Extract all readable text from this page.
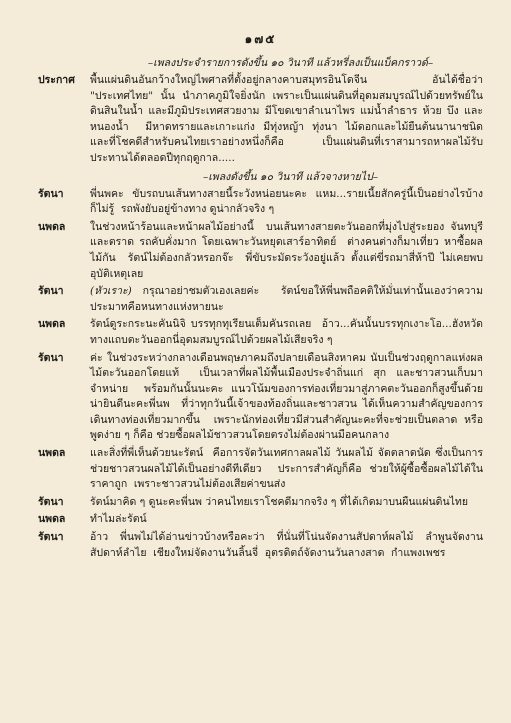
๑๗๕
–เพลงประจำรายการดังขึ้น ๑๐ วินาที แล้วหรี่ลงเป็นแบ็คกราวด์–
ประกาศ	พื้นแผ่นดินอันกว้างใหญ่ไพศาลที่ตั้งอยู่กลางคาบสมุทรอินโดจีน  อันได้ชื่อว่า "ประเทศไทย" นั้น นำภาคภูมิใจยิ่งนัก เพราะเป็นแผ่นดินที่อุดมสมบูรณ์ไปด้วยทรัพย์ในดินสินในน้ำ และมีภูมิประเทศสวยงาม มีโขดเขาลำเนาไพร แม่น้ำลำธาร ห้วย บึง และหนองน้ำ  มีหาดทรายและเกาะแก่ง มีทุ่งหญ้า ทุ่งนา ไม้ดอกและไม้ยืนต้นนานาชนิด  และที่โชคดีสำหรับคนไทยเราอย่างหนึ่งก็คือ เป็นแผ่นดินที่เราสามารถหาผลไม้รับประทานได้ตลอดปีทุกฤดูกาล.....
–เพลงดังขึ้น ๑๐ วินาที แล้วจางหายไป–
รัตนา	พี่นพคะ  ขับรถบนเส้นทางสายนี้ระวังหน่อยนะคะ  แหม...รายเนี้ยสักครู่นี้เป็นอย่างไรบ้างก็ไม่รู้  รถพังยับอยู่ข้างทาง ดูน่ากลัวจริง ๆ
นพดล	ในช่วงหน้าร้อนและหน้าผลไม้อย่างนี้  บนเส้นทางสายตะวันออกที่มุ่งไปสู่ระยอง จันทบุรี และตราด รถคับคั่งมาก โดยเฉพาะวันหยุดเสาร์อาทิตย์  ต่างคนต่างก็มาเที่ยว หาซื้อผลไม้กัน  รัตน์ไม่ต้องกลัวหรอกจ๊ะ  พี่ขับระมัดระวังอยู่แล้ว ตั้งแต่ขี่รถมาสี่ห้าปี ไม่เคยพบอุบัติเหตุเลย
รัตนา	(หัวเราะ) กรุณาอย่าชมตัวเองเลยค่ะ  รัตน์ขอให้พี่นพถือคติให้มั่นเท่านั้นเองว่าความประมาทคือหนทางแห่งหายนะ
นพดล	รัตน์ดูระกระนะคันนิจิ บรรทุกทุเรียนเต็มคันรถเลย  อ้าว...คันนั้นบรรทุกเงาะโอ...ฮังหวัดทางแถบตะวันออกนี่อุดมสมบูรณ์ไปด้วยผลไม้เสียจริง ๆ
รัตนา	ค่ะ ในช่วงระหว่างกลางเดือนพฤษภาคมถึงปลายเดือนสิงหาคม นับเป็นช่วงฤดูกาลแห่งผลไม้ตะวันออกโดยแท้  เป็นเวลาที่ผลไม้พื้นเมืองประจำถิ่นแก่ สุก และชาวสวนเก็บมาจำหน่าย  พร้อมกันนั้นนะคะ แนวโน้มของการท่องเที่ยวมาสู่ภาคตะวันออกก็สูงขึ้นด้วย  น่ายินดีนะคะพี่นพ  ที่ว่าทุกวันนี้เจ้าของท้องถิ่นและชาวสวน ได้เห็นความสำคัญของการเดินทางท่องเที่ยวมากขึ้น  เพราะนักท่องเที่ยวมีส่วนสำคัญนะคะที่จะช่วยเป็นตลาด หรือพูดง่าย ๆ ก็คือ ช่วยซื้อผลไม้ชาวสวนโดยตรงไม่ต้องผ่านมือคนกลาง
นพดล	และสิ่งที่พี่เห็นด้วยนะรัตน์  คือการจัดวันเทศกาลผลไม้ วันผลไม้ จัดตลาดนัด ซึ่งเป็นการช่วยชาวสวนผลไม้ได้เป็นอย่างดีทีเดียว  ประการสำคัญก็คือ ช่วยให้ผู้ซื้อซื้อผลไม้ได้ในราคาถูก  เพราะชาวสวนไม่ต้องเสียค่าขนส่ง
รัตนา	รัตน์มาคิด ๆ ดูนะคะพี่นพ ว่าคนไทยเราโชคดีมากจริง ๆ ที่ได้เกิดมาบนผืนแผ่นดินไทย
นพดล	ทำไมล่ะรัตน์
รัตนา	อ้าว พี่นพไม่ได้อ่านข่าวบ้างหรือคะว่า ที่นั่นที่โน่นจัดงานสัปดาห์ผลไม้ ลำพูนจัดงานสัปดาห์ลำไย  เชียงใหม่จัดงานวันลิ้นจี่  อุตรดิตถ์จัดงานวันลางสาด  กำแพงเพชร
